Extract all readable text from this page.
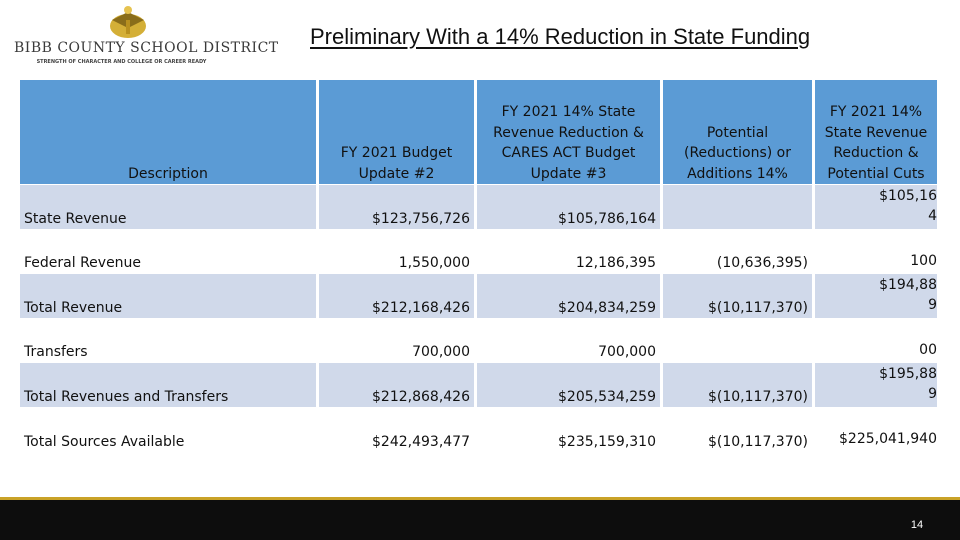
BIBB COUNTY SCHOOL DISTRICT
STRENGTH OF CHARACTER AND COLLEGE OR CAREER READY
Preliminary With a 14% Reduction in State Funding
Description	FY 2021 Budget Update #2	FY 2021 14% State Revenue Reduction & CARES ACT Budget Update #3	Potential (Reductions) or Additions 14%	FY 2021 14% State Revenue Reduction & Potential Cuts
State Revenue	$123,756,726	$105,786,164		$105,164

Federal Revenue	1,550,000	12,186,395	(10,636,395)	100

Total Revenue	$212,168,426	$204,834,259	$(10,117,370)	$194,889

Transfers	700,000	700,000		00

Total Revenues and Transfers	$212,868,426	$205,534,259	$(10,117,370)	$195,889

Total Sources Available	$242,493,477	$235,159,310	$(10,117,370)	$225,041,940
14
